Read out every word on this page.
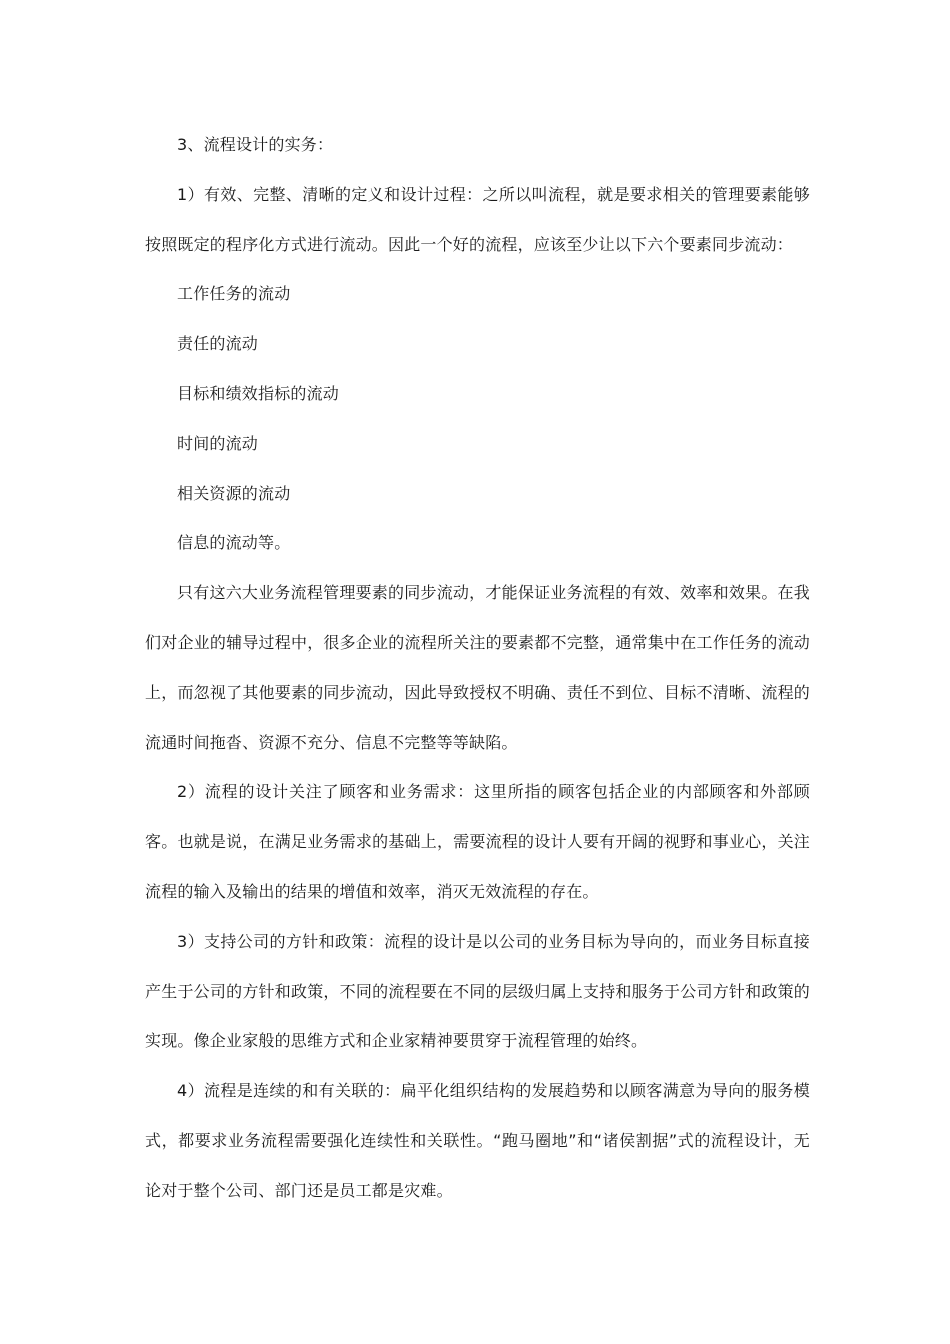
3、流程设计的实务：

1）有效、完整、清晰的定义和设计过程：之所以叫流程，就是要求相关的管理要素能够按照既定的程序化方式进行流动。因此一个好的流程，应该至少让以下六个要素同步流动：

工作任务的流动

责任的流动

目标和绩效指标的流动

时间的流动

相关资源的流动

信息的流动等。

只有这六大业务流程管理要素的同步流动，才能保证业务流程的有效、效率和效果。在我们对企业的辅导过程中，很多企业的流程所关注的要素都不完整，通常集中在工作任务的流动上，而忽视了其他要素的同步流动，因此导致授权不明确、责任不到位、目标不清晰、流程的流通时间拖沓、资源不充分、信息不完整等等缺陷。

2）流程的设计关注了顾客和业务需求：这里所指的顾客包括企业的内部顾客和外部顾客。也就是说，在满足业务需求的基础上，需要流程的设计人要有开阔的视野和事业心，关注流程的输入及输出的结果的增值和效率，消灭无效流程的存在。

3）支持公司的方针和政策：流程的设计是以公司的业务目标为导向的，而业务目标直接产生于公司的方针和政策，不同的流程要在不同的层级归属上支持和服务于公司方针和政策的实现。像企业家般的思维方式和企业家精神要贯穿于流程管理的始终。

4）流程是连续的和有关联的：扁平化组织结构的发展趋势和以顾客满意为导向的服务模式，都要求业务流程需要强化连续性和关联性。“跑马圈地”和“诸侯割据”式的流程设计，无论对于整个公司、部门还是员工都是灾难。
